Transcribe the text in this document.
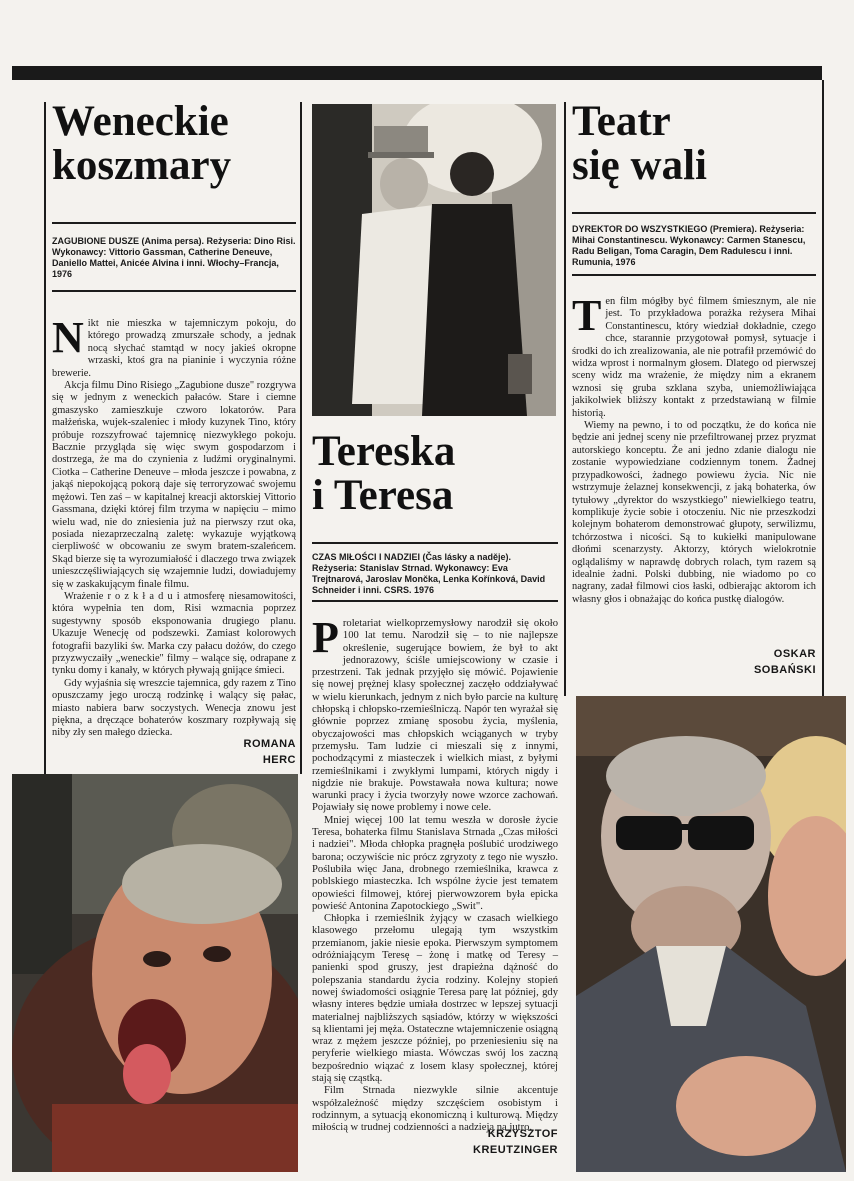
Weneckie
koszmary

ZAGUBIONE DUSZE (Anima persa). Reżyseria: Dino Risi. Wykonawcy: Vittorio Gassman, Catherine Deneuve, Daniello Mattei, Anicée Alvina i inni. Włochy–Francja, 1976

Nikt nie mieszka w tajemniczym pokoju, do którego prowadzą zmurszałe schody, a jednak nocą słychać stamtąd w nocy jakieś okropne wrzaski, ktoś gra na pianinie i wyczynia różne brewerie.

Akcja filmu Dino Risiego „Zagubione dusze" rozgrywa się w jednym z weneckich pałaców. Stare i ciemne gmaszysko zamieszkuje czworo lokatorów. Para małżeńska, wujek-szaleniec i młody kuzynek Tino, który próbuje rozszyfrować tajemnicę niezwykłego pokoju. Bacznie przygląda się więc swym gospodarzom i dostrzega, że ma do czynienia z ludźmi oryginalnymi. Ciotka – Catherine Deneuve – młoda jeszcze i powabna, z jakąś niepokojącą pokorą daje się terroryzować swojemu mężowi. Ten zaś – w kapitalnej kreacji aktorskiej Vittorio Gassmana, dzięki której film trzyma w napięciu – mimo wielu wad, nie do zniesienia już na pierwszy rzut oka, posiada niezaprzeczalną zaletę: wykazuje wyjątkową cierpliwość w obcowaniu ze swym bratem-szaleńcem. Skąd bierze się ta wyrozumiałość i dlaczego trwa związek unieszczęśliwiających się wzajemnie ludzi, dowiadujemy się w zaskakującym finale filmu.

Wrażenie r o z k ł a d u i atmosferę niesamowitości, która wypełnia ten dom, Risi wzmacnia poprzez sugestywny sposób eksponowania drugiego planu. Ukazuje Wenecję od podszewki. Zamiast kolorowych fotografii bazyliki św. Marka czy pałacu dożów, do czego przyzwyczaiły „weneckie" filmy – walące się, odrapane z tynku domy i kanały, w których pływają gnijące śmieci.

Gdy wyjaśnia się wreszcie tajemnica, gdy razem z Tino opuszczamy jego uroczą rodzinkę i walący się pałac, miasto nabiera barw soczystych. Wenecja znowu jest piękna, a dręczące bohaterów koszmary rozpływają się niby zły sen małego dziecka.

ROMANA
HERC
Tereska
i Teresa

CZAS MIŁOŚCI I NADZIEI (Čas lásky a naděje). Reżyseria: Stanislav Strnad. Wykonawcy: Eva Trejtnarová, Jaroslav Mončka, Lenka Kořínková, David Schneider i inni. CSRS. 1976

Proletariat wielkoprzemysłowy narodził się około 100 lat temu. Narodził się – to nie najlepsze określenie, sugerujące bowiem, że był to akt jednorazowy, ściśle umiejscowiony w czasie i przestrzeni. Tak jednak przyjęło się mówić. Pojawienie się nowej prężnej klasy społecznej zaczęło oddziaływać w wielu kierunkach, jednym z nich było parcie na kulturę chłopską i chłopsko-rzemieślniczą. Napór ten wyrażał się głównie poprzez zmianę sposobu życia, myślenia, obyczajowości mas chłopskich wciąganych w tryby przemysłu. Tam ludzie ci mieszali się z innymi, pochodzącymi z miasteczek i wielkich miast, z byłymi rzemieślnikami i zwykłymi lumpami, których nigdy i nigdzie nie brakuje. Powstawała nowa kultura; nowe warunki pracy i życia tworzyły nowe wzorce zachowań. Pojawiały się nowe problemy i nowe cele.

Mniej więcej 100 lat temu weszła w dorosłe życie Teresa, bohaterka filmu Stanislava Strnada „Czas miłości i nadziei". Młoda chłopka pragnęła poślubić urodziwego barona; oczywiście nic prócz zgryzoty z tego nie wyszło. Poślubiła więc Jana, drobnego rzemieślnika, krawca z poblskiego miasteczka. Ich wspólne życie jest tematem opowieści filmowej, której pierwowzorem była epicka powieść Antonina Zapotockiego „Swit".

Chłopka i rzemieślnik żyjący w czasach wielkiego klasowego przełomu ulegają tym wszystkim przemianom, jakie niesie epoka. Pierwszym symptomem odróżniającym Teresę – żonę i matkę od Teresy – panienki spod gruszy, jest drapieżna dążność do polepszania standardu życia rodziny. Kolejny stopień nowej świadomości osiągnie Teresa parę lat później, gdy własny interes będzie umiała dostrzec w lepszej sytuacji materialnej najbliższych sąsiadów, którzy w większości są klientami jej męża. Ostateczne wtajemniczenie osiągną wraz z mężem jeszcze później, po przeniesieniu się na peryferie wielkiego miasta. Wówczas swój los zaczną bezpośrednio wiązać z losem klasy społecznej, której stają się cząstką.

Film Strnada niezwykle silnie akcentuje współzależność między szczęściem osobistym i rodzinnym, a sytuacją ekonomiczną i kulturową. Między miłością w trudnej codzienności a nadzieją na jutro.

KRZYSZTOF
KREUTZINGER
Teatr
się wali

DYREKTOR DO WSZYSTKIEGO (Premiera). Reżyseria: Mihai Constantinescu. Wykonawcy: Carmen Stanescu, Radu Beligan, Toma Caragin, Dem Radulescu i inni. Rumunia, 1976

Ten film mógłby być filmem śmiesznym, ale nie jest. To przykładowa porażka reżysera Mihai Constantinescu, który wiedział dokładnie, czego chce, starannie przygotował pomysł, sytuacje i środki do ich zrealizowania, ale nie potrafił przemówić do widza wprost i normalnym głosem. Dlatego od pierwszej sceny widz ma wrażenie, że między nim a ekranem wznosi się gruba szklana szyba, uniemożliwiająca jakikolwiek bliższy kontakt z przedstawianą w filmie historią.

Wiemy na pewno, i to od początku, że do końca nie będzie ani jednej sceny nie przefiltrowanej przez pryzmat autorskiego konceptu. Że ani jedno zdanie dialogu nie zostanie wypowiedziane codziennym tonem. Żadnej przypadkowości, żadnego powiewu życia. Nic nie wstrzymuje żelaznej konsekwencji, z jaką bohaterka, ów tytułowy „dyrektor do wszystkiego" niewielkiego teatru, komplikuje życie sobie i otoczeniu. Nic nie przeszkodzi kolejnym bohaterom demonstrować głupoty, serwilizmu, tchórzostwa i nicości. Są to kukiełki manipulowane dłońmi scenarzysty. Aktorzy, których wielokrotnie oglądaliśmy w naprawdę dobrych rolach, tym razem są idealnie żadni. Polski dubbing, nie wiadomo po co nagrany, zadał filmowi cios łaski, odbierając aktorom ich własny głos i obnażając do końca pustkę dialogów.

OSKAR
SOBAŃSKI
